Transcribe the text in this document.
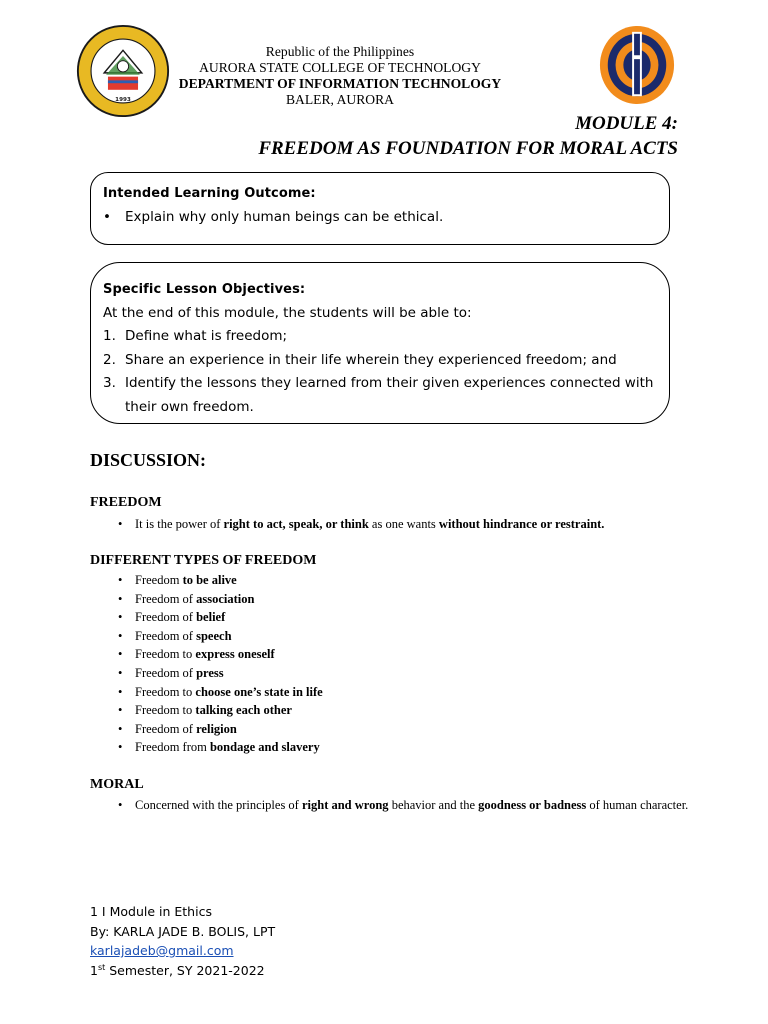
1993
Republic of the Philippines
AURORA STATE COLLEGE OF TECHNOLOGY
DEPARTMENT OF INFORMATION TECHNOLOGY
BALER, AURORA
MODULE 4:
FREEDOM AS FOUNDATION FOR MORAL ACTS
Intended Learning Outcome:
•	Explain why only human beings can be ethical.
Specific Lesson Objectives:
At the end of this module, the students will be able to:
1. Define what is freedom;
2. Share an experience in their life wherein they experienced freedom; and
3. Identify the lessons they learned from their given experiences connected with their own freedom.
DISCUSSION:
FREEDOM
•	It is the power of right to act, speak, or think as one wants without hindrance or restraint.
DIFFERENT TYPES OF FREEDOM
•	Freedom to be alive
•	Freedom of association
•	Freedom of belief
•	Freedom of speech
•	Freedom to express oneself
•	Freedom of press
•	Freedom to choose one’s state in life
•	Freedom to talking each other
•	Freedom of religion
•	Freedom from bondage and slavery
MORAL
•	Concerned with the principles of right and wrong behavior and the goodness or badness of human character.
1 I Module in Ethics
By: KARLA JADE B. BOLIS, LPT
karlajadeb@gmail.com
1st Semester, SY 2021-2022
